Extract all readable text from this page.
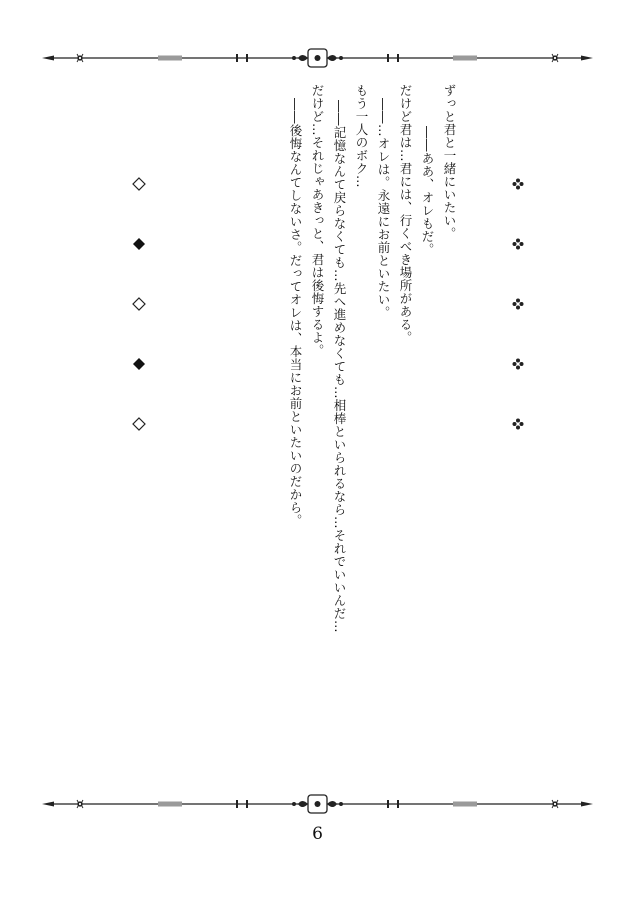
ずっと君と一緒にいたい。
――ああ、オレもだ。
だけど君は…君には、行くべき場所がある。
――…オレは。永遠にお前といたい。
もう一人のボク…
――記憶なんて戻らなくても…先へ進めなくても…相棒といられるなら…それでいいんだ…
だけど…それじゃあきっと、君は後悔するよ。
――後悔なんてしないさ。だってオレは、本当にお前といたいのだから。
6
